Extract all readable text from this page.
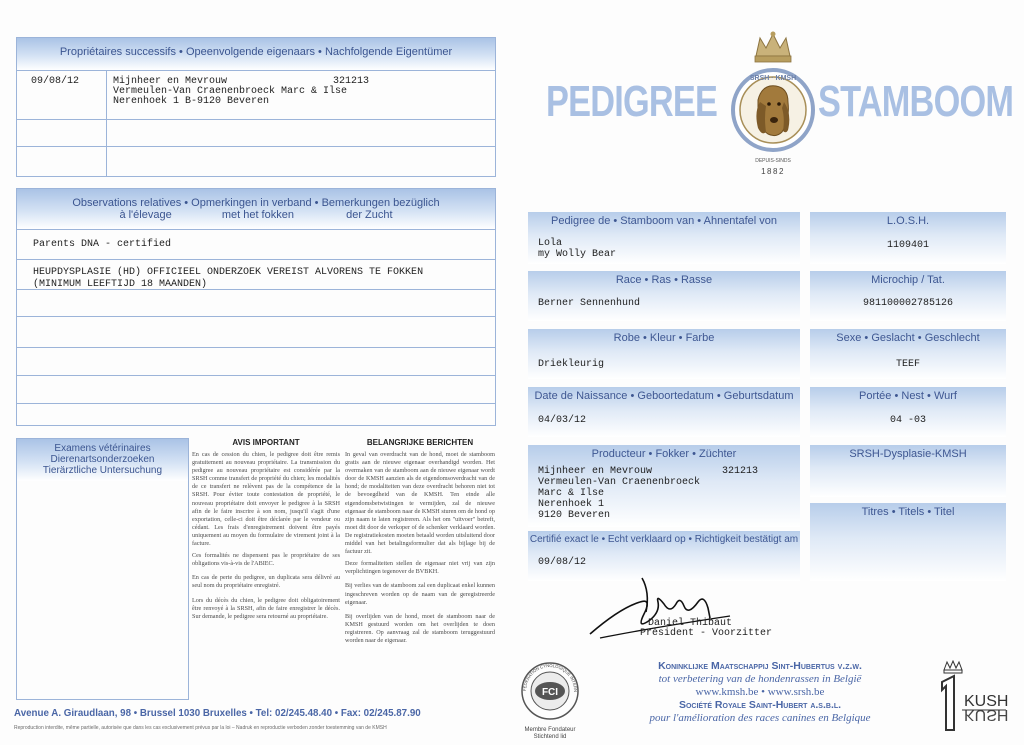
Propriétaires successifs • Opeenvolgende eigenaars • Nachfolgende Eigentümer
09/08/12	Mijnheer en Mevrouw	321213
Vermeulen-Van Craenenbroeck Marc & Ilse
Nerenhoek 1 B-9120 Beveren
Observations relatives • Opmerkingen in verband • Bemerkungen bezüglich
à l'élevage	met het fokken	der Zucht
Parents DNA - certified
HEUPDYSPLASIE (HD) OFFICIEEL ONDERZOEK VEREIST ALVORENS TE FOKKEN
(MINIMUM LEEFTIJD 18 MAANDEN)
Examens vétérinaires
Dierenartsonderzoeken
Tierärztliche Untersuchung
AVIS IMPORTANT
En cas de cession du chien, le pedigree doit être remis gratuitement au nouveau propriétaire. La transmission du pedigree au nouveau propriétaire est considérée par la SRSH comme transfert de propriété du chien; les modalités de ce transfert ne relèvent pas de la compétence de la SRSH. Pour éviter toute contestation de propriété, le nouveau propriétaire doit envoyer le pedigree à la SRSH afin de le faire inscrire à son nom, jusqu'il s'agit d'une exportation, celle-ci doit être déclarée par le vendeur ou cédant. Les frais d'enregistrement doivent être payés uniquement au moyen du formulaire de virement joint à la facture.
Ces formalités ne dispensent pas le propriétaire de ses obligations vis-à-vis de l'ABIEC.
En cas de perte du pedigree, un duplicata sera délivré au seul nom du propriétaire enregistré.
Lors du décès du chien, le pedigree doit obligatoirement être renvoyé à la SRSH, afin de faire enregistrer le décès. Sur demande, le pedigree sera retourné au propriétaire.
BELANGRIJKE BERICHTEN
In geval van overdracht van de hond, moet de stamboom gratis aan de nieuwe eigenaar overhandigd worden. Het overmaken van de stamboom aan de nieuwe eigenaar wordt door de KMSH aanzien als de eigendomsoverdracht van de hond; de modaliteiten van deze overdracht behoren niet tot de bevoegdheid van de KMSH. Ten einde alle eigendomsbetwistingen te vermijden, zal de nieuwe eigenaar de stamboom naar de KMSH sturen om de hond op zijn naam te laten registreren. Als het om "uitvoer" betreft, moet dit door de verkoper of de schenker verklaard worden. De registratiekosten moeten betaald worden uitsluitend door middel van het betalingsformulier dat als bijlage bij de factuur zit.
Deze formaliteiten stellen de eigenaar niet vrij van zijn verplichtingen tegenover de BVBKH.
Bij verlies van de stamboom zal een duplicaat enkel kunnen ingeschreven worden op de naam van de geregistreerde eigenaar.
Bij overlijden van de hond, moet de stamboom naar de KMSH gestuurd worden om het overlijden te doen registreren. Op aanvraag zal de stamboom teruggestuurd worden naar de eigenaar.
Avenue A. Giraudlaan, 98 • Brussel 1030 Bruxelles • Tel: 02/245.48.40 • Fax: 02/245.87.90
Reproduction interdite, même partielle, autorisée que dans les cas exclusivement prévus par la loi – Nadruk en reproductie verboden zonder toestemming van de KMSH
PEDIGREE STAMBOOM
SRSH · KMSH
DEPUIS-SINDS
1882
Pedigree de • Stamboom van • Ahnentafel von
Lola
my Wolly Bear
L.O.S.H.
1109401
Race • Ras • Rasse
Berner Sennenhund
Microchip / Tat.
981100002785126
Robe • Kleur • Farbe
Driekleurig
Sexe • Geslacht • Geschlecht
TEEF
Date de Naissance • Geboortedatum • Geburtsdatum
04/03/12
Portée • Nest • Wurf
04 -03
Producteur • Fokker • Züchter
Mijnheer en Mevrouw	321213
Vermeulen-Van Craenenbroeck
Marc & Ilse
Nerenhoek 1
9120 Beveren
SRSH-Dysplasie-KMSH
Titres • Titels • Titel
Certifié exact le • Echt verklaard op • Richtigkeit bestätigt am
09/08/12
Daniel Thibaut
Président - Voorzitter
FCI
FÉDÉRATION CYNOLOGIQUE INTERN
Membre Fondateur
Stichtend lid
Koninklijke Maatschappij Sint-Hubertus v.z.w.
tot verbetering van de hondenrassen in België
www.kmsh.be • www.srsh.be
Société Royale Saint-Hubert a.s.b.l.
pour l'amélioration des races canines en Belgique
KUSH
KUSH
